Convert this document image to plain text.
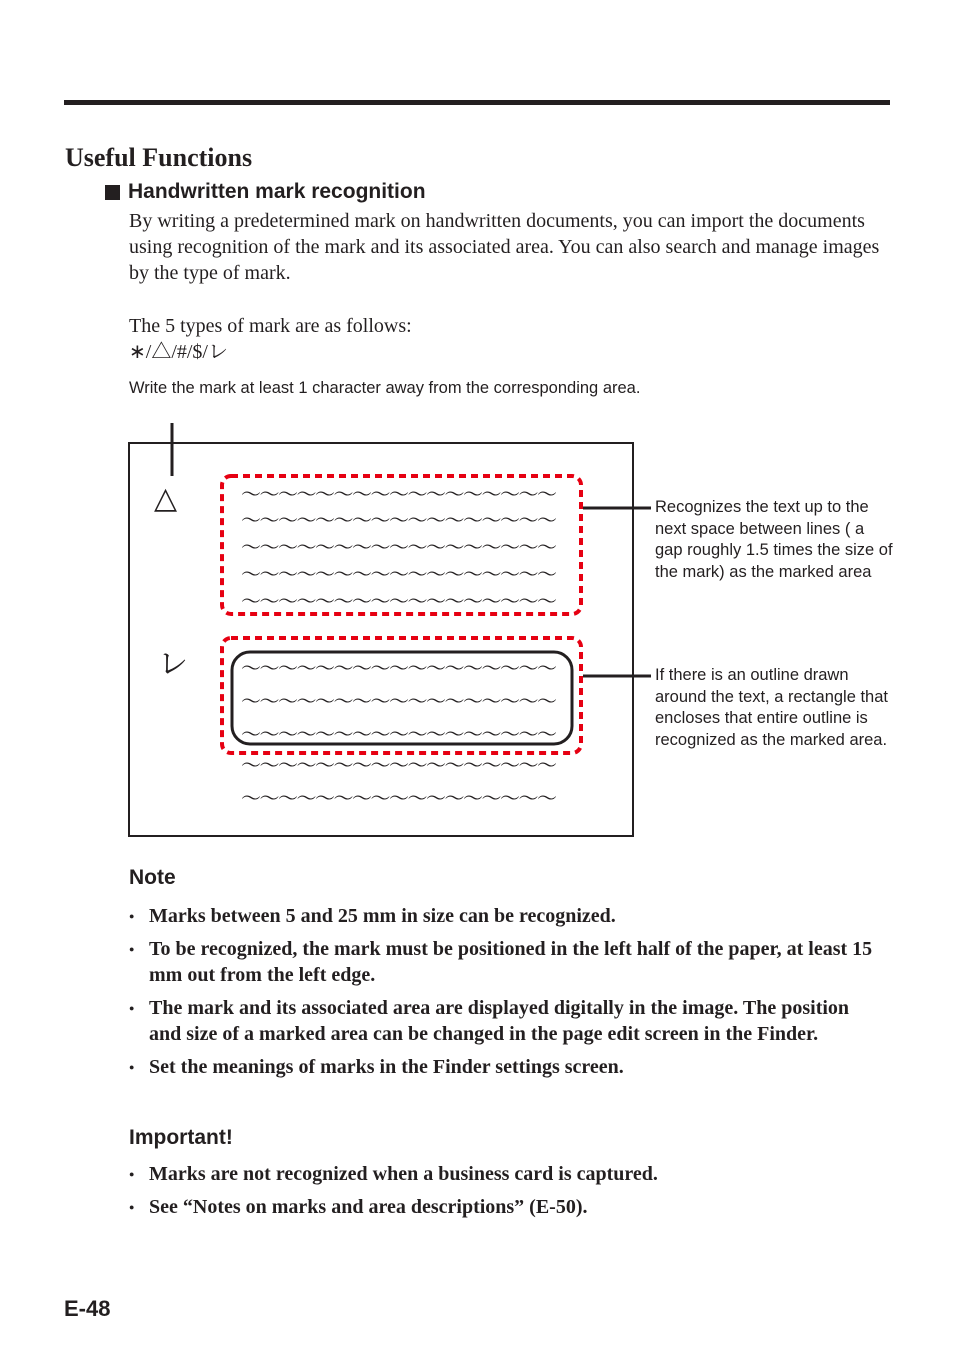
Useful Functions
Handwritten mark recognition

By writing a predetermined mark on handwritten documents, you can import the documents using recognition of the mark and its associated area. You can also search and manage images by the type of mark.

The 5 types of mark are as follows:

∗/△/#/$/レ

Write the mark at least 1 character away from the corresponding area.

△
レ
～～～～～～～～～～～～～～～～～
～～～～～～～～～～～～～～～～～
～～～～～～～～～～～～～～～～～
～～～～～～～～～～～～～～～～～
～～～～～～～～～～～～～～～～～
～～～～～～～～～～～～～～～～～
～～～～～～～～～～～～～～～～～
～～～～～～～～～～～～～～～～～
～～～～～～～～～～～～～～～～～
～～～～～～～～～～～～～～～～～

Recognizes the text up to the next space between lines ( a gap roughly 1.5 times the size of the mark) as the marked area

If there is an outline drawn around the text, a rectangle that encloses that entire outline is recognized as the marked area.

Note
● Marks between 5 and 25 mm in size can be recognized.
● To be recognized, the mark must be positioned in the left half of the paper, at least 15 mm out from the left edge.
● The mark and its associated area are displayed digitally in the image. The position and size of a marked area can be changed in the page edit screen in the Finder.
● Set the meanings of marks in the Finder settings screen.
Important!
● Marks are not recognized when a business card is captured.
● See “Notes on marks and area descriptions” (E-50).

E-48
